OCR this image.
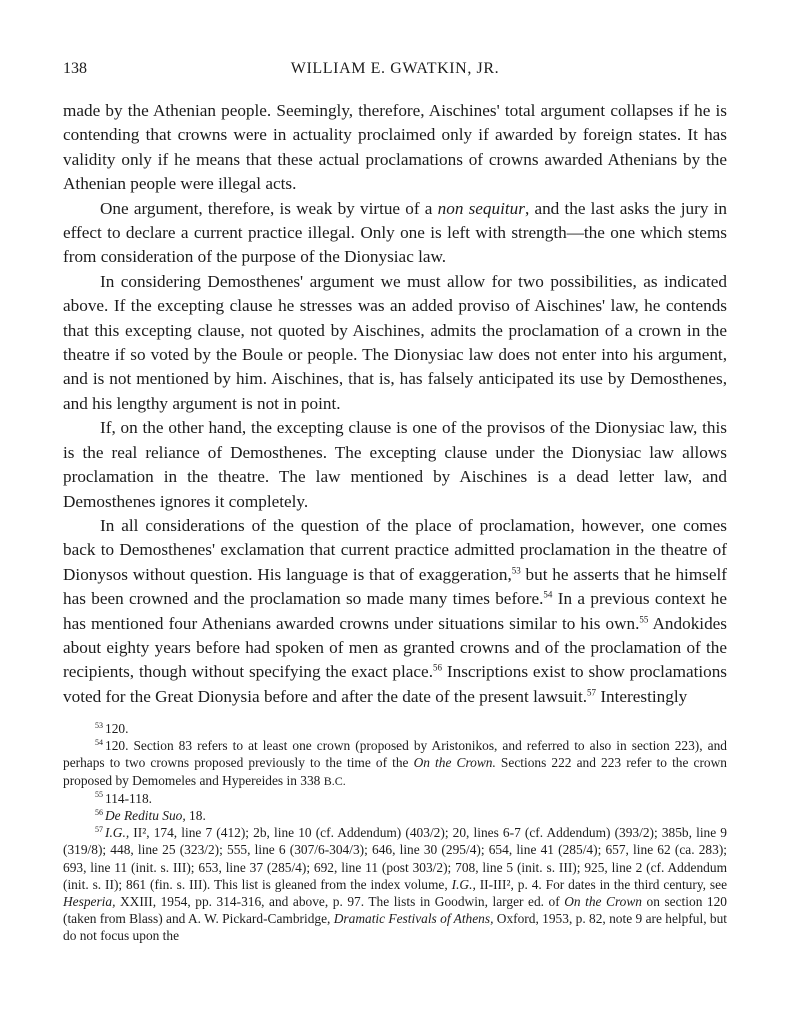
138	WILLIAM E. GWATKIN, JR.

made by the Athenian people. Seemingly, therefore, Aischines' total argument collapses if he is contending that crowns were in actuality proclaimed only if awarded by foreign states. It has validity only if he means that these actual proclamations of crowns awarded Athenians by the Athenian people were illegal acts.

One argument, therefore, is weak by virtue of a non sequitur, and the last asks the jury in effect to declare a current practice illegal. Only one is left with strength—the one which stems from consideration of the purpose of the Dionysiac law.

In considering Demosthenes' argument we must allow for two possibilities, as indicated above. If the excepting clause he stresses was an added proviso of Aischines' law, he contends that this excepting clause, not quoted by Aischines, admits the proclamation of a crown in the theatre if so voted by the Boule or people. The Dionysiac law does not enter into his argument, and is not mentioned by him. Aischines, that is, has falsely anticipated its use by Demosthenes, and his lengthy argument is not in point.

If, on the other hand, the excepting clause is one of the provisos of the Dionysiac law, this is the real reliance of Demosthenes. The excepting clause under the Dionysiac law allows proclamation in the theatre. The law mentioned by Aischines is a dead letter law, and Demosthenes ignores it completely.

In all considerations of the question of the place of proclamation, however, one comes back to Demosthenes' exclamation that current practice admitted proclamation in the theatre of Dionysos without question. His language is that of exaggeration,$^{53}$ but he asserts that he himself has been crowned and the proclamation so made many times before.$^{54}$ In a previous context he has mentioned four Athenians awarded crowns under situations similar to his own.$^{55}$ Andokides about eighty years before had spoken of men as granted crowns and of the proclamation of the recipients, though without specifying the exact place.$^{56}$ Inscriptions exist to show proclamations voted for the Great Dionysia before and after the date of the present lawsuit.$^{57}$ Interestingly

$^{53}$ 120.

$^{54}$ 120. Section 83 refers to at least one crown (proposed by Aristonikos, and referred to also in section 223), and perhaps to two crowns proposed previously to the time of the On the Crown. Sections 222 and 223 refer to the crown proposed by Demomeles and Hypereides in 338 B.C.

$^{55}$ 114-118.

$^{56}$ De Reditu Suo, 18.

$^{57}$ I.G., II², 174, line 7 (412); 2b, line 10 (cf. Addendum) (403/2); 20, lines 6-7 (cf. Addendum) (393/2); 385b, line 9 (319/8); 448, line 25 (323/2); 555, line 6 (307/6-304/3); 646, line 30 (295/4); 654, line 41 (285/4); 657, line 62 (ca. 283); 693, line 11 (init. s. III); 653, line 37 (285/4); 692, line 11 (post 303/2); 708, line 5 (init. s. III); 925, line 2 (cf. Addendum (init. s. II); 861 (fin. s. III). This list is gleaned from the index volume, I.G., II-III², p. 4. For dates in the third century, see Hesperia, XXIII, 1954, pp. 314-316, and above, p. 97. The lists in Goodwin, larger ed. of On the Crown on section 120 (taken from Blass) and A. W. Pickard-Cambridge, Dramatic Festivals of Athens, Oxford, 1953, p. 82, note 9 are helpful, but do not focus upon the
